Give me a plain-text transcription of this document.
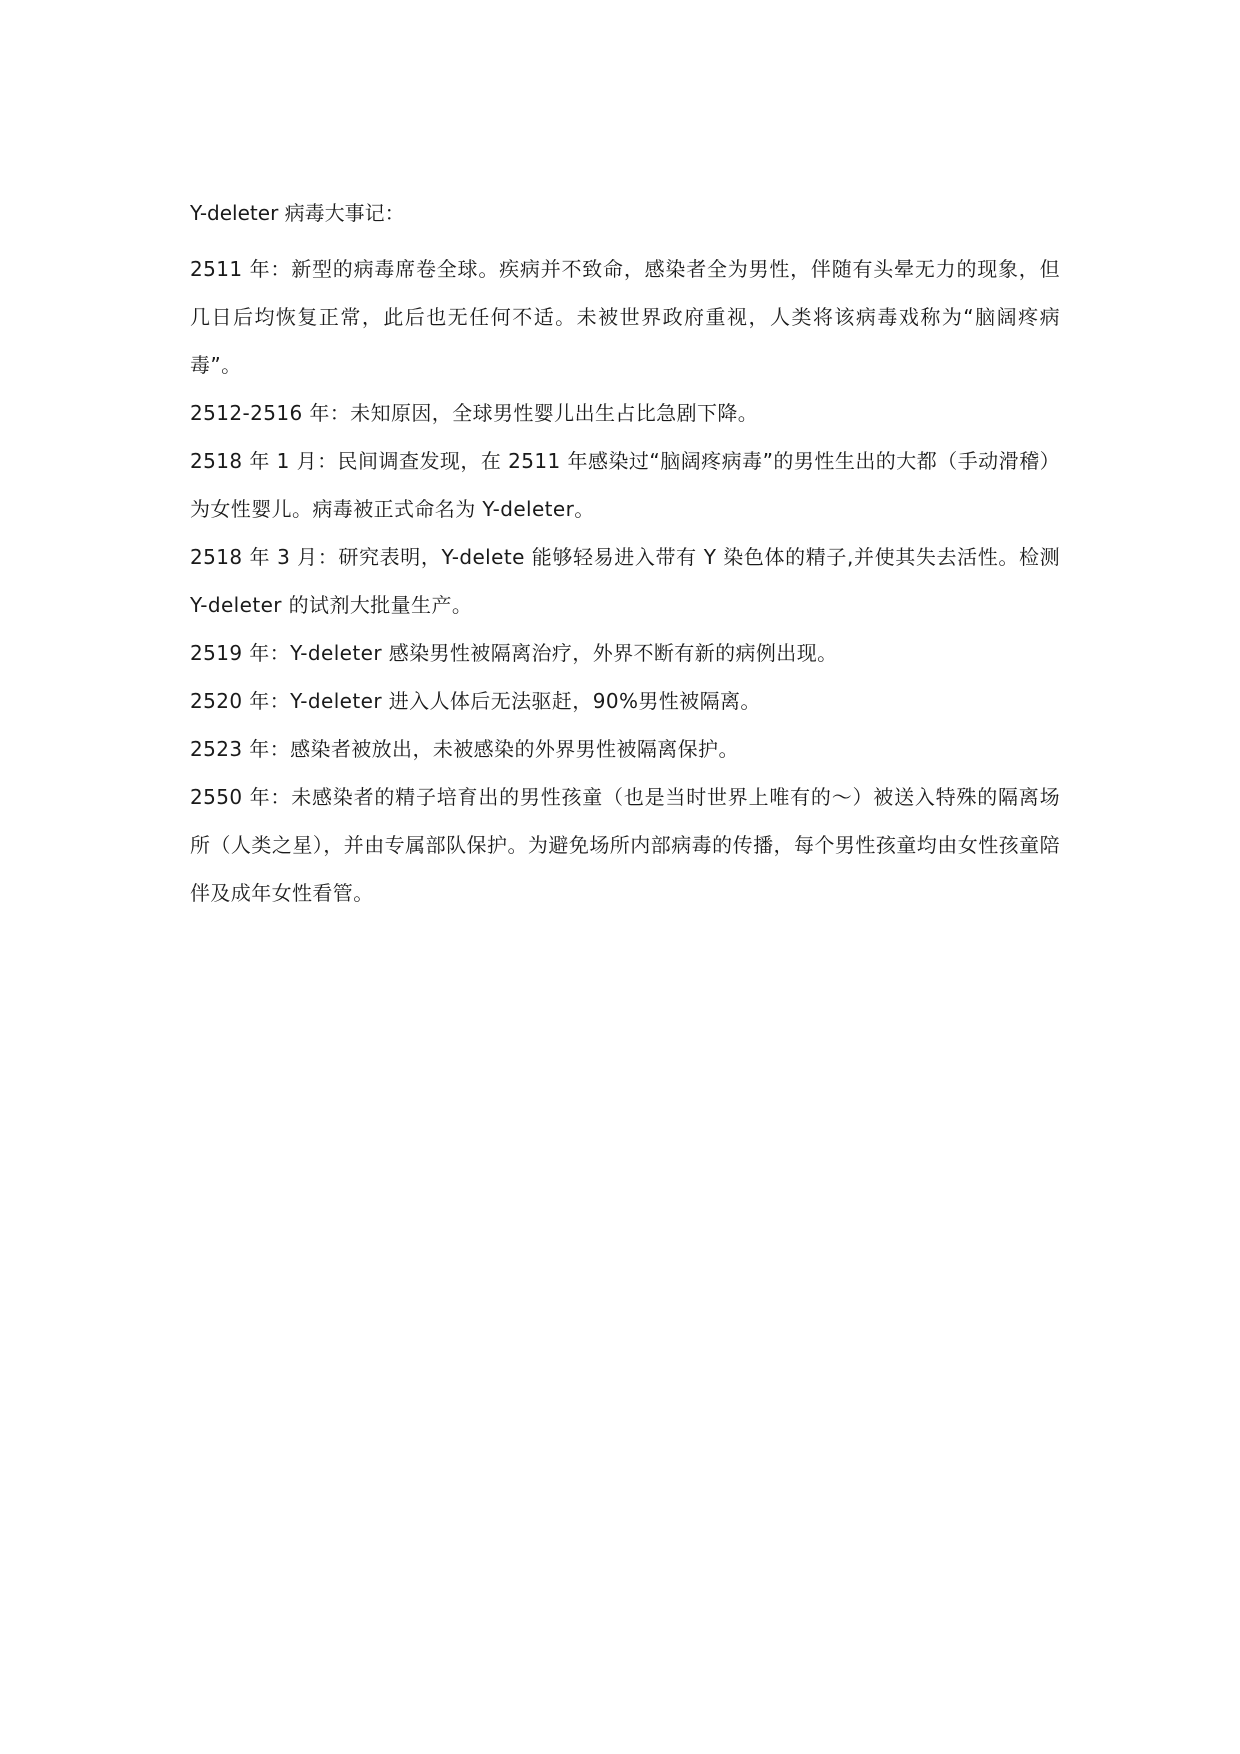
Y-deleter 病毒大事记：

2511 年：新型的病毒席卷全球。疾病并不致命，感染者全为男性，伴随有头晕无力的现象，但几日后均恢复正常，此后也无任何不适。未被世界政府重视，人类将该病毒戏称为“脑阔疼病毒”。

2512-2516 年：未知原因，全球男性婴儿出生占比急剧下降。

2518 年 1 月：民间调查发现，在 2511 年感染过“脑阔疼病毒”的男性生出的大都（手动滑稽）为女性婴儿。病毒被正式命名为 Y-deleter。

2518 年 3 月：研究表明，Y-delete 能够轻易进入带有 Y 染色体的精子,并使其失去活性。检测 Y-deleter 的试剂大批量生产。

2519 年：Y-deleter 感染男性被隔离治疗，外界不断有新的病例出现。

2520 年：Y-deleter 进入人体后无法驱赶，90%男性被隔离。

2523 年：感染者被放出，未被感染的外界男性被隔离保护。

2550 年：未感染者的精子培育出的男性孩童（也是当时世界上唯有的～）被送入特殊的隔离场所（人类之星），并由专属部队保护。为避免场所内部病毒的传播，每个男性孩童均由女性孩童陪伴及成年女性看管。
